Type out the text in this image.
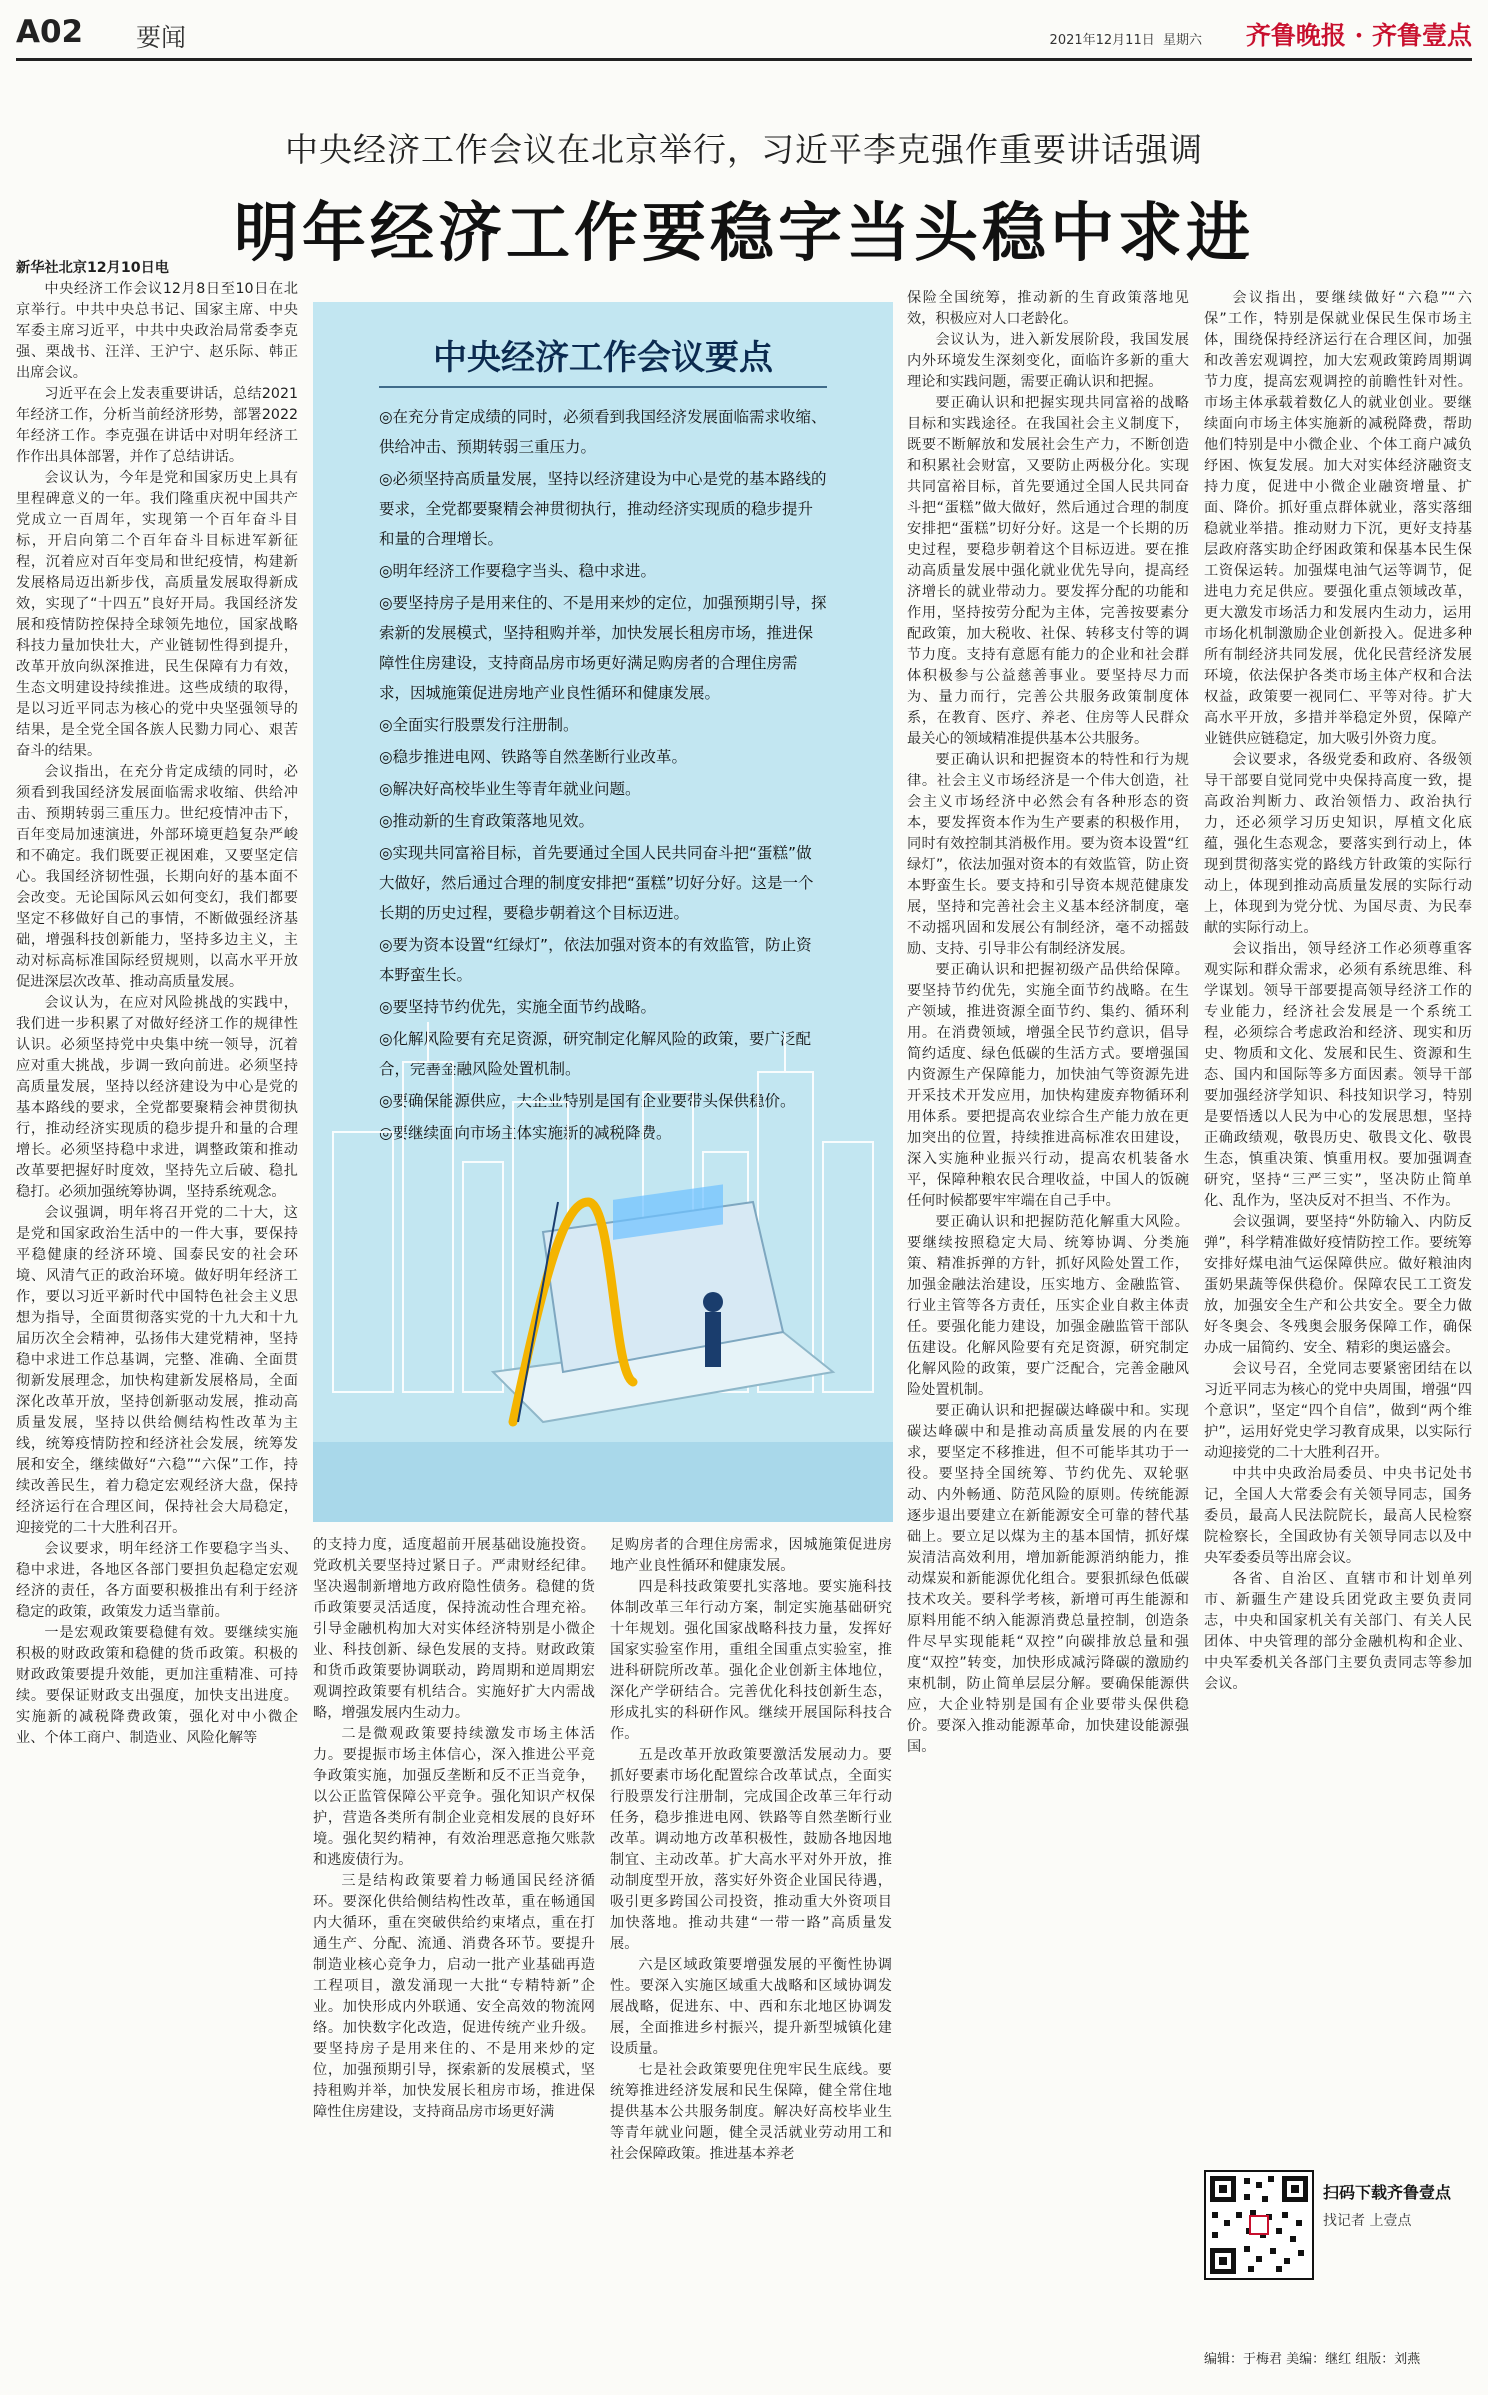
A02 要闻	2021年12月11日 星期六 齐鲁晚报 · 齐鲁壹点
中央经济工作会议在北京举行，习近平李克强作重要讲话强调
明年经济工作要稳字当头稳中求进

新华社北京12月10日电

中央经济工作会议12月8日至10日在北京举行。中共中央总书记、国家主席、中央军委主席习近平，中共中央政治局常委李克强、栗战书、汪洋、王沪宁、赵乐际、韩正出席会议。

习近平在会上发表重要讲话，总结2021年经济工作，分析当前经济形势，部署2022年经济工作。李克强在讲话中对明年经济工作作出具体部署，并作了总结讲话。

会议认为，今年是党和国家历史上具有里程碑意义的一年。我们隆重庆祝中国共产党成立一百周年，实现第一个百年奋斗目标，开启向第二个百年奋斗目标进军新征程，沉着应对百年变局和世纪疫情，构建新发展格局迈出新步伐，高质量发展取得新成效，实现了“十四五”良好开局。我国经济发展和疫情防控保持全球领先地位，国家战略科技力量加快壮大，产业链韧性得到提升，改革开放向纵深推进，民生保障有力有效，生态文明建设持续推进。这些成绩的取得，是以习近平同志为核心的党中央坚强领导的结果，是全党全国各族人民勠力同心、艰苦奋斗的结果。

会议指出，在充分肯定成绩的同时，必须看到我国经济发展面临需求收缩、供给冲击、预期转弱三重压力。世纪疫情冲击下，百年变局加速演进，外部环境更趋复杂严峻和不确定。我们既要正视困难，又要坚定信心。我国经济韧性强，长期向好的基本面不会改变。无论国际风云如何变幻，我们都要坚定不移做好自己的事情，不断做强经济基础，增强科技创新能力，坚持多边主义，主动对标高标准国际经贸规则，以高水平开放促进深层次改革、推动高质量发展。

会议认为，在应对风险挑战的实践中，我们进一步积累了对做好经济工作的规律性认识。必须坚持党中央集中统一领导，沉着应对重大挑战，步调一致向前进。必须坚持高质量发展，坚持以经济建设为中心是党的基本路线的要求，全党都要聚精会神贯彻执行，推动经济实现质的稳步提升和量的合理增长。必须坚持稳中求进，调整政策和推动改革要把握好时度效，坚持先立后破、稳扎稳打。必须加强统筹协调，坚持系统观念。

会议强调，明年将召开党的二十大，这是党和国家政治生活中的一件大事，要保持平稳健康的经济环境、国泰民安的社会环境、风清气正的政治环境。做好明年经济工作，要以习近平新时代中国特色社会主义思想为指导，全面贯彻落实党的十九大和十九届历次全会精神，弘扬伟大建党精神，坚持稳中求进工作总基调，完整、准确、全面贯彻新发展理念，加快构建新发展格局，全面深化改革开放，坚持创新驱动发展，推动高质量发展，坚持以供给侧结构性改革为主线，统筹疫情防控和经济社会发展，统筹发展和安全，继续做好“六稳”“六保”工作，持续改善民生，着力稳定宏观经济大盘，保持经济运行在合理区间，保持社会大局稳定，迎接党的二十大胜利召开。

会议要求，明年经济工作要稳字当头、稳中求进，各地区各部门要担负起稳定宏观经济的责任，各方面要积极推出有利于经济稳定的政策，政策发力适当靠前。

一是宏观政策要稳健有效。要继续实施积极的财政政策和稳健的货币政策。积极的财政政策要提升效能，更加注重精准、可持续。要保证财政支出强度，加快支出进度。实施新的减税降费政策，强化对中小微企业、个体工商户、制造业、风险化解等

中央经济工作会议要点

◎在充分肯定成绩的同时，必须看到我国经济发展面临需求收缩、供给冲击、预期转弱三重压力。

◎必须坚持高质量发展，坚持以经济建设为中心是党的基本路线的要求，全党都要聚精会神贯彻执行，推动经济实现质的稳步提升和量的合理增长。

◎明年经济工作要稳字当头、稳中求进。

◎要坚持房子是用来住的、不是用来炒的定位，加强预期引导，探索新的发展模式，坚持租购并举，加快发展长租房市场，推进保障性住房建设，支持商品房市场更好满足购房者的合理住房需求，因城施策促进房地产业良性循环和健康发展。

◎全面实行股票发行注册制。

◎稳步推进电网、铁路等自然垄断行业改革。

◎解决好高校毕业生等青年就业问题。

◎推动新的生育政策落地见效。

◎实现共同富裕目标，首先要通过全国人民共同奋斗把“蛋糕”做大做好，然后通过合理的制度安排把“蛋糕”切好分好。这是一个长期的历史过程，要稳步朝着这个目标迈进。

◎要为资本设置“红绿灯”，依法加强对资本的有效监管，防止资本野蛮生长。

◎要坚持节约优先，实施全面节约战略。

◎化解风险要有充足资源，研究制定化解风险的政策，要广泛配合，完善金融风险处置机制。

◎要确保能源供应，大企业特别是国有企业要带头保供稳价。

◎要继续面向市场主体实施新的减税降费。

的支持力度，适度超前开展基础设施投资。党政机关要坚持过紧日子。严肃财经纪律。坚决遏制新增地方政府隐性债务。稳健的货币政策要灵活适度，保持流动性合理充裕。引导金融机构加大对实体经济特别是小微企业、科技创新、绿色发展的支持。财政政策和货币政策要协调联动，跨周期和逆周期宏观调控政策要有机结合。实施好扩大内需战略，增强发展内生动力。

二是微观政策要持续激发市场主体活力。要提振市场主体信心，深入推进公平竞争政策实施，加强反垄断和反不正当竞争，以公正监管保障公平竞争。强化知识产权保护，营造各类所有制企业竞相发展的良好环境。强化契约精神，有效治理恶意拖欠账款和逃废债行为。

三是结构政策要着力畅通国民经济循环。要深化供给侧结构性改革，重在畅通国内大循环，重在突破供给约束堵点，重在打通生产、分配、流通、消费各环节。要提升制造业核心竞争力，启动一批产业基础再造工程项目，激发涌现一大批“专精特新”企业。加快形成内外联通、安全高效的物流网络。加快数字化改造，促进传统产业升级。要坚持房子是用来住的、不是用来炒的定位，加强预期引导，探索新的发展模式，坚持租购并举，加快发展长租房市场，推进保障性住房建设，支持商品房市场更好满

足购房者的合理住房需求，因城施策促进房地产业良性循环和健康发展。

四是科技政策要扎实落地。要实施科技体制改革三年行动方案，制定实施基础研究十年规划。强化国家战略科技力量，发挥好国家实验室作用，重组全国重点实验室，推进科研院所改革。强化企业创新主体地位，深化产学研结合。完善优化科技创新生态，形成扎实的科研作风。继续开展国际科技合作。

五是改革开放政策要激活发展动力。要抓好要素市场化配置综合改革试点，全面实行股票发行注册制，完成国企改革三年行动任务，稳步推进电网、铁路等自然垄断行业改革。调动地方改革积极性，鼓励各地因地制宜、主动改革。扩大高水平对外开放，推动制度型开放，落实好外资企业国民待遇，吸引更多跨国公司投资，推动重大外资项目加快落地。推动共建“一带一路”高质量发展。

六是区域政策要增强发展的平衡性协调性。要深入实施区域重大战略和区域协调发展战略，促进东、中、西和东北地区协调发展，全面推进乡村振兴，提升新型城镇化建设质量。

七是社会政策要兜住兜牢民生底线。要统筹推进经济发展和民生保障，健全常住地提供基本公共服务制度。解决好高校毕业生等青年就业问题，健全灵活就业劳动用工和社会保障政策。推进基本养老

保险全国统筹，推动新的生育政策落地见效，积极应对人口老龄化。

会议认为，进入新发展阶段，我国发展内外环境发生深刻变化，面临许多新的重大理论和实践问题，需要正确认识和把握。

要正确认识和把握实现共同富裕的战略目标和实践途径。在我国社会主义制度下，既要不断解放和发展社会生产力，不断创造和积累社会财富，又要防止两极分化。实现共同富裕目标，首先要通过全国人民共同奋斗把“蛋糕”做大做好，然后通过合理的制度安排把“蛋糕”切好分好。这是一个长期的历史过程，要稳步朝着这个目标迈进。要在推动高质量发展中强化就业优先导向，提高经济增长的就业带动力。要发挥分配的功能和作用，坚持按劳分配为主体，完善按要素分配政策，加大税收、社保、转移支付等的调节力度。支持有意愿有能力的企业和社会群体积极参与公益慈善事业。要坚持尽力而为、量力而行，完善公共服务政策制度体系，在教育、医疗、养老、住房等人民群众最关心的领域精准提供基本公共服务。

要正确认识和把握资本的特性和行为规律。社会主义市场经济是一个伟大创造，社会主义市场经济中必然会有各种形态的资本，要发挥资本作为生产要素的积极作用，同时有效控制其消极作用。要为资本设置“红绿灯”，依法加强对资本的有效监管，防止资本野蛮生长。要支持和引导资本规范健康发展，坚持和完善社会主义基本经济制度，毫不动摇巩固和发展公有制经济，毫不动摇鼓励、支持、引导非公有制经济发展。

要正确认识和把握初级产品供给保障。要坚持节约优先，实施全面节约战略。在生产领域，推进资源全面节约、集约、循环利用。在消费领域，增强全民节约意识，倡导简约适度、绿色低碳的生活方式。要增强国内资源生产保障能力，加快油气等资源先进开采技术开发应用，加快构建废弃物循环利用体系。要把提高农业综合生产能力放在更加突出的位置，持续推进高标准农田建设，深入实施种业振兴行动，提高农机装备水平，保障种粮农民合理收益，中国人的饭碗任何时候都要牢牢端在自己手中。

要正确认识和把握防范化解重大风险。要继续按照稳定大局、统筹协调、分类施策、精准拆弹的方针，抓好风险处置工作，加强金融法治建设，压实地方、金融监管、行业主管等各方责任，压实企业自救主体责任。要强化能力建设，加强金融监管干部队伍建设。化解风险要有充足资源，研究制定化解风险的政策，要广泛配合，完善金融风险处置机制。

要正确认识和把握碳达峰碳中和。实现碳达峰碳中和是推动高质量发展的内在要求，要坚定不移推进，但不可能毕其功于一役。要坚持全国统筹、节约优先、双轮驱动、内外畅通、防范风险的原则。传统能源逐步退出要建立在新能源安全可靠的替代基础上。要立足以煤为主的基本国情，抓好煤炭清洁高效利用，增加新能源消纳能力，推动煤炭和新能源优化组合。要狠抓绿色低碳技术攻关。要科学考核，新增可再生能源和原料用能不纳入能源消费总量控制，创造条件尽早实现能耗“双控”向碳排放总量和强度“双控”转变，加快形成减污降碳的激励约束机制，防止简单层层分解。要确保能源供应，大企业特别是国有企业要带头保供稳价。要深入推动能源革命，加快建设能源强国。

会议指出，要继续做好“六稳”“六保”工作，特别是保就业保民生保市场主体，围绕保持经济运行在合理区间，加强和改善宏观调控，加大宏观政策跨周期调节力度，提高宏观调控的前瞻性针对性。市场主体承载着数亿人的就业创业。要继续面向市场主体实施新的减税降费，帮助他们特别是中小微企业、个体工商户减负纾困、恢复发展。加大对实体经济融资支持力度，促进中小微企业融资增量、扩面、降价。抓好重点群体就业，落实落细稳就业举措。推动财力下沉，更好支持基层政府落实助企纾困政策和保基本民生保工资保运转。加强煤电油气运等调节，促进电力充足供应。要强化重点领域改革，更大激发市场活力和发展内生动力，运用市场化机制激励企业创新投入。促进多种所有制经济共同发展，优化民营经济发展环境，依法保护各类市场主体产权和合法权益，政策要一视同仁、平等对待。扩大高水平开放，多措并举稳定外贸，保障产业链供应链稳定，加大吸引外资力度。

会议要求，各级党委和政府、各级领导干部要自觉同党中央保持高度一致，提高政治判断力、政治领悟力、政治执行力，还必须学习历史知识，厚植文化底蕴，强化生态观念，要落实到行动上，体现到贯彻落实党的路线方针政策的实际行动上，体现到推动高质量发展的实际行动上，体现到为党分忧、为国尽责、为民奉献的实际行动上。

会议指出，领导经济工作必须尊重客观实际和群众需求，必须有系统思维、科学谋划。领导干部要提高领导经济工作的专业能力，经济社会发展是一个系统工程，必须综合考虑政治和经济、现实和历史、物质和文化、发展和民生、资源和生态、国内和国际等多方面因素。领导干部要加强经济学知识、科技知识学习，特别是要悟透以人民为中心的发展思想，坚持正确政绩观，敬畏历史、敬畏文化、敬畏生态，慎重决策、慎重用权。要加强调查研究，坚持“三严三实”，坚决防止简单化、乱作为，坚决反对不担当、不作为。

会议强调，要坚持“外防输入、内防反弹”，科学精准做好疫情防控工作。要统筹安排好煤电油气运保障供应。做好粮油肉蛋奶果蔬等保供稳价。保障农民工工资发放，加强安全生产和公共安全。要全力做好冬奥会、冬残奥会服务保障工作，确保办成一届简约、安全、精彩的奥运盛会。

会议号召，全党同志要紧密团结在以习近平同志为核心的党中央周围，增强“四个意识”，坚定“四个自信”，做到“两个维护”，运用好党史学习教育成果，以实际行动迎接党的二十大胜利召开。

中共中央政治局委员、中央书记处书记，全国人大常委会有关领导同志，国务委员，最高人民法院院长，最高人民检察院检察长，全国政协有关领导同志以及中央军委委员等出席会议。

各省、自治区、直辖市和计划单列市、新疆生产建设兵团党政主要负责同志，中央和国家机关有关部门、有关人民团体、中央管理的部分金融机构和企业、中央军委机关各部门主要负责同志等参加会议。

扫码下载齐鲁壹点
找记者 上壹点
编辑：于梅君 美编：继红 组版：刘燕
